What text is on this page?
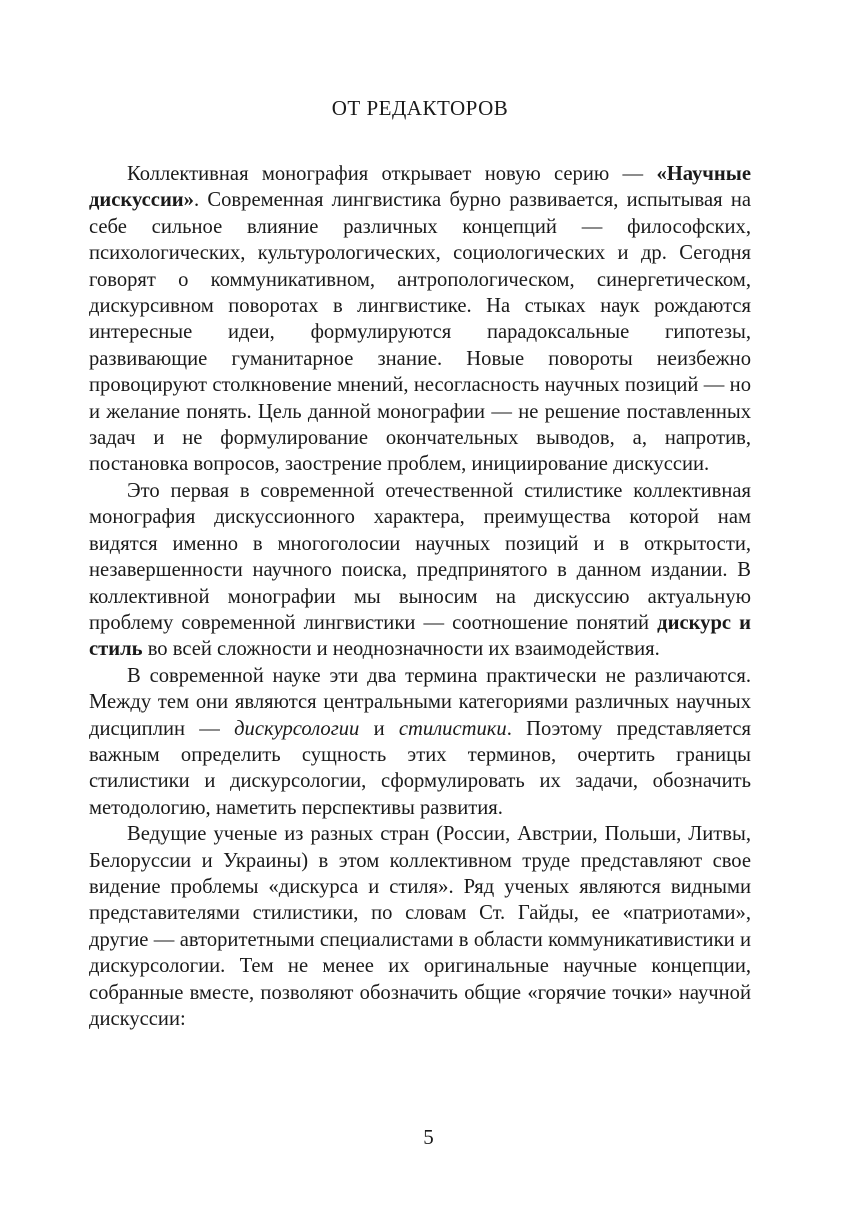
ОТ РЕДАКТОРОВ

Коллективная монография открывает новую серию — «Научные дискуссии». Современная лингвистика бурно развивается, испытывая на себе сильное влияние различных концепций — философских, психологических, культурологических, социологических и др. Сегодня говорят о коммуникативном, антропологическом, синергетическом, дискурсивном поворотах в лингвистике. На стыках наук рождаются интересные идеи, формулируются парадоксальные гипотезы, развивающие гуманитарное знание. Новые повороты неизбежно провоцируют столкновение мнений, несогласность научных позиций — но и желание понять. Цель данной монографии — не решение поставленных задач и не формулирование окончательных выводов, а, напротив, постановка вопросов, заострение проблем, инициирование дискуссии.

Это первая в современной отечественной стилистике коллективная монография дискуссионного характера, преимущества которой нам видятся именно в многоголосии научных позиций и в открытости, незавершенности научного поиска, предпринятого в данном издании. В коллективной монографии мы выносим на дискуссию актуальную проблему современной лингвистики — соотношение понятий дискурс и стиль во всей сложности и неоднозначности их взаимодействия.

В современной науке эти два термина практически не различаются. Между тем они являются центральными категориями различных научных дисциплин — дискурсологии и стилистики. Поэтому представляется важным определить сущность этих терминов, очертить границы стилистики и дискурсологии, сформулировать их задачи, обозначить методологию, наметить перспективы развития.

Ведущие ученые из разных стран (России, Австрии, Польши, Литвы, Белоруссии и Украины) в этом коллективном труде представляют свое видение проблемы «дискурса и стиля». Ряд ученых являются видными представителями стилистики, по словам Ст. Гайды, ее «патриотами», другие — авторитетными специалистами в области коммуникативистики и дискурсологии. Тем не менее их оригинальные научные концепции, собранные вместе, позволяют обозначить общие «горячие точки» научной дискуссии:

5
